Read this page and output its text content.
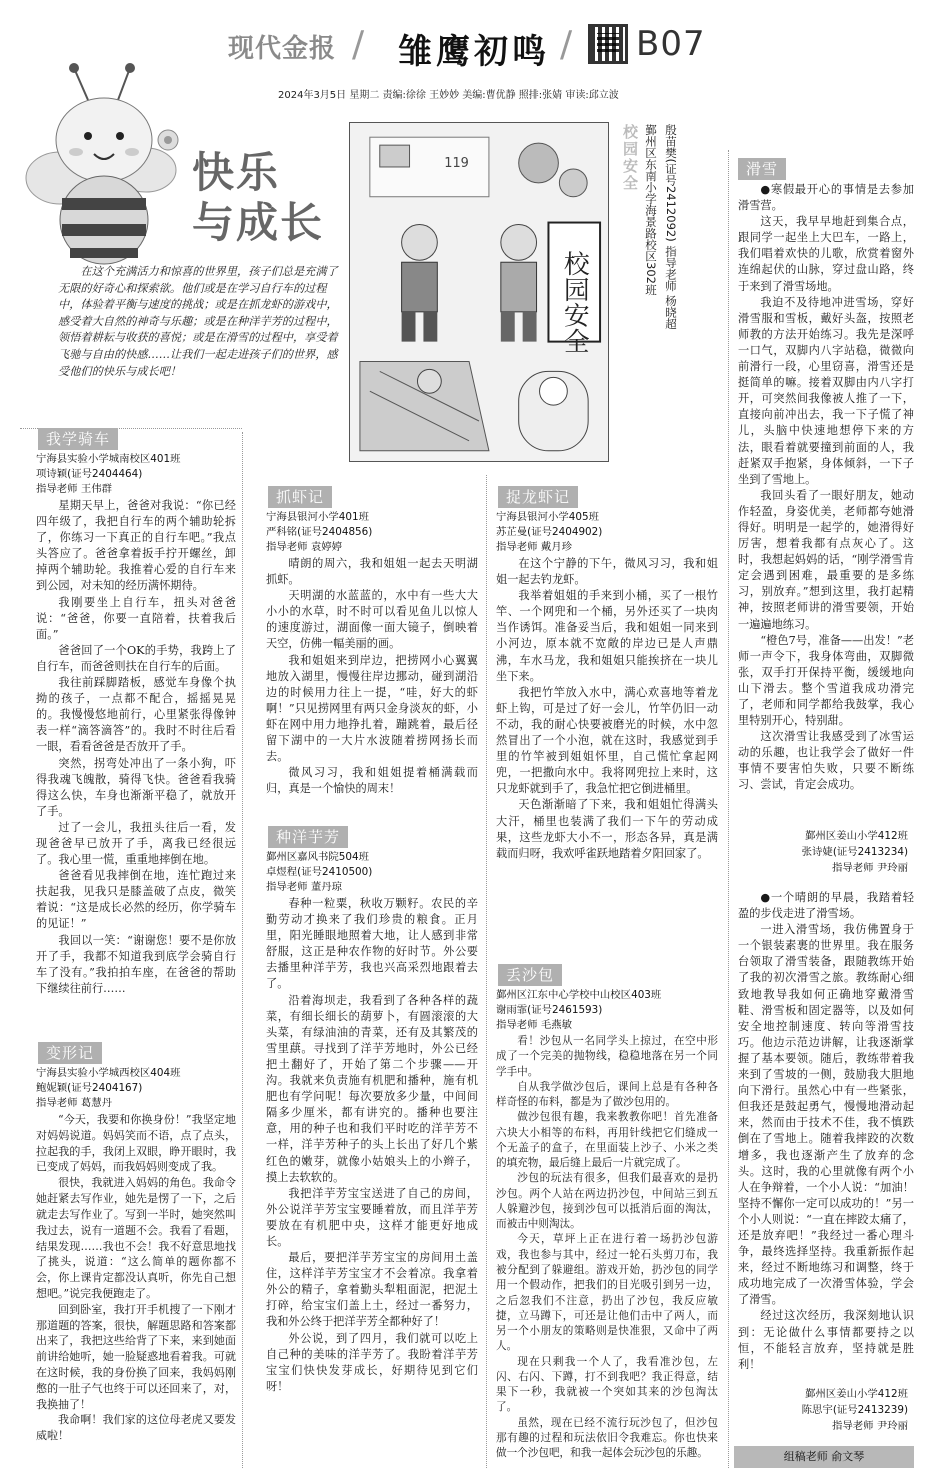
现代金报 / 雏鹰初鸣 / B07
2024年3月5日 星期二 责编:徐徐 王妙妙 美编:曹优静 照排:张婧 审读:邱立波
快乐
与成长
在这个充满活力和惊喜的世界里，孩子们总是充满了无限的好奇心和探索欲。他们或是在学习自行车的过程中，体验着平衡与速度的挑战；或是在抓龙虾的游戏中，感受着大自然的神奇与乐趣；或是在种洋芋芳的过程中，领悟着耕耘与收获的喜悦；或是在滑雪的过程中，享受着飞驰与自由的快感……让我们一起走进孩子们的世界，感受他们的快乐与成长吧！
119
校园安全
校园安全 鄞州区东南小学海景路校区302班 殷苗樊(证号2412092) 指导老师 杨晓超
我学骑车
宁海县实验小学城南校区401班
项诗颖(证号2404464)
指导老师 王伟群

星期天早上，爸爸对我说：“你已经四年级了，我把自行车的两个辅助轮拆了，你练习一下真正的自行车吧。”我点头答应了。爸爸拿着扳手拧开螺丝，卸掉两个辅助轮。我推着心爱的自行车来到公园，对未知的经历满怀期待。

我刚要坐上自行车，扭头对爸爸说：“爸爸，你要一直陪着，扶着我后面。”

爸爸回了一个OK的手势，我跨上了自行车，而爸爸则扶在自行车的后面。

我往前踩脚踏板，感觉车身像个执拗的孩子，一点都不配合，摇摇晃晃的。我慢慢悠地前行，心里紧张得像钟表一样“滴答滴答”的。我时不时往后看一眼，看看爸爸是否放开了手。

突然，拐弯处冲出了一条小狗，吓得我魂飞魄散，骑得飞快。爸爸看我骑得这么快，车身也渐渐平稳了，就放开了手。

过了一会儿，我扭头往后一看，发现爸爸早已放开了手，离我已经很远了。我心里一慌，重重地摔倒在地。

爸爸看见我摔倒在地，连忙跑过来扶起我，见我只是膝盖破了点皮，微笑着说：“这是成长必然的经历，你学骑车的见证！”

我回以一笑：“谢谢您！要不是你放开了手，我都不知道我到底学会骑自行车了没有。”我拍拍车座，在爸爸的帮助下继续往前行……

变形记
宁海县实验小学城西校区404班
鲍妮颖(证号2404167)
指导老师 葛慧丹

“今天，我要和你换身份！”我坚定地对妈妈说道。妈妈笑而不语，点了点头，拉起我的手，我闭上双眼，睁开眼时，我已变成了妈妈，而我妈妈则变成了我。

很快，我就进入妈妈的角色。我命令她赶紧去写作业，她先是愣了一下，之后就走去写作业了。写到一半时，她突然叫我过去，说有一道题不会。我看了看题，结果发现……我也不会！我不好意思地找了挑头，说道：“这么简单的题你都不会，你上课肯定都没认真听，你先自己想想吧。”说完我便跑走了。

回到卧室，我打开手机搜了一下刚才那道题的答案，很快，解题思路和答案都出来了，我把这些给背了下来，来到她面前讲给她听，她一脸疑惑地看着我。可就在这时候，我的身份换了回来，我妈妈刚憋的一肚子气也终于可以还回来了，对，我换抽了！

我命啊！我们家的这位母老虎又要发威啦！

抓虾记
宁海县银河小学401班
严科铭(证号2404856)
指导老师 袁婷婷

晴朗的周六，我和姐姐一起去天明湖抓虾。

天明湖的水蓝蓝的，水中有一些大大小小的水草，时不时可以看见鱼儿以惊人的速度游过，湖面像一面大镜子，倒映着天空，仿佛一幅美丽的画。

我和姐姐来到岸边，把捞网小心翼翼地放入湖里，慢慢往岸边挪动，碰到湖沿边的时候用力往上一提，“哇，好大的虾啊！”只见捞网里有两只金身淡灰的虾，小虾在网中用力地挣扎着，蹦跳着，最后径留下湖中的一大片水波随着捞网扬长而去。

微风习习，我和姐姐提着桶满载而归，真是一个愉快的周末！

种洋芋芳
鄞州区嘉风书院504班
卓煜程(证号2410500)
指导老师 董丹琼

春种一粒粟，秋收万颗籽。农民的辛勤劳动才换来了我们珍贵的粮食。正月里，阳光睡眼地照着大地，让人感到非常舒服，这正是种农作物的好时节。外公要去播里种洋芋芳，我也兴高采烈地跟着去了。

沿着海坝走，我看到了各种各样的蔬菜，有细长细长的葫萝卜，有圆滚滚的大头菜，有绿油油的青菜，还有及其繁茂的雪里蕻。寻找到了洋芋芳地时，外公已经把土翻好了，开始了第二个步骤——开沟。我就来负责施有机肥和播种，施有机肥也有学问呢！每次要放多少量，中间间隔多少厘米，都有讲究的。播种也要注意，用的种子也和我们平时吃的洋芋芳不一样，洋芋芳种子的头上长出了好几个紫红色的嫩芽，就像小姑娘头上的小辫子，摸上去软软的。

我把洋芋芳宝宝送进了自己的房间，外公说洋芋芳宝宝要睡着放，而且洋芋芳要放在有机肥中央，这样才能更好地成长。

最后，要把洋芋芳宝宝的房间用土盖住，这样洋芋芳宝宝才不会着凉。我拿着外公的精子，拿着勤头犁粗面泥，把泥土打碎，给宝宝们盖上土，经过一番努力，我和外公终于把洋芋芳全都种好了！

外公说，到了四月，我们就可以吃上自己种的美味的洋芋芳了。我盼着洋芋芳宝宝们快快发芽成长，好期待见到它们呀！

捉龙虾记
宁海县银河小学405班
苏芷曼(证号2404902)
指导老师 戴月珍

在这个宁静的下午，微风习习，我和姐姐一起去钓龙虾。

我举着姐姐的手来到小桶，买了一根竹竿、一个网兜和一个桶，另外还买了一块肉当作诱饵。准备妥当后，我和姐姐一同来到小河边，原本就不宽敞的岸边已是人声鼎沸，车水马龙，我和姐姐只能挨挤在一块儿坐下来。

我把竹竿放入水中，满心欢喜地等着龙虾上钩，可是过了好一会儿，竹竿仍旧一动不动，我的耐心快要被磨光的时候，水中忽然冒出了一个小泡，就在这时，我感觉到手里的竹竿被到姐姐怀里，自己慌忙拿起网兜，一把撒向水中。我将网兜拉上来时，这只龙虾就到手了，我急忙把它倒进桶里。

天色渐渐暗了下来，我和姐姐忙得满头大汗，桶里也装满了我们一下午的劳动成果，这些龙虾大小不一，形态各异，真是满载而归呀，我欢呼雀跃地踏着夕阳回家了。

丢沙包
鄞州区江东中心学校中山校区403班
谢雨霏(证号2461593)
指导老师 毛燕敏

看！沙包从一名同学头上掠过，在空中形成了一个完美的抛物线，稳稳地落在另一个同学手中。

自从我学做沙包后，课间上总是有各种各样奇怪的布料，都是为了做沙包用的。

做沙包很有趣，我来教教你吧！首先准备六块大小相等的布料，再用针线把它们缝成一个无盖子的盒子，在里面装上沙子、小米之类的填充物，最后缝上最后一片就完成了。

沙包的玩法有很多，但我们最喜欢的是扔沙包。两个人站在两边扔沙包，中间站三到五人躲避沙包，接到沙包可以抵消后面的淘汰，而被击中则淘汰。

今天，草坪上正在进行着一场扔沙包游戏，我也参与其中，经过一轮石头剪刀布，我被分配到了躲避组。游戏开始，扔沙包的同学用一个假动作，把我们的目光吸引到另一边，之后忽我们不注意，扔出了沙包，我反应敏捷，立马蹲下，可还是让他们击中了两人，而另一个小朋友的策略则是快准狠，又命中了两人。

现在只剩我一个人了，我看准沙包，左闪、右闪、下蹲，打不到我吧？我正得意，结果下一秒，我就被一个突如其来的沙包淘汰了。

虽然，现在已经不流行玩沙包了，但沙包那有趣的过程和玩法依旧令我难忘。你也快来做一个沙包吧，和我一起体会玩沙包的乐趣。

滑雪

●寒假最开心的事情是去参加滑雪营。

这天，我早早地赶到集合点，跟同学一起坐上大巴车，一路上，我们唱着欢快的儿歌，欣赏着窗外连绵起伏的山脉，穿过盘山路，终于来到了滑雪场地。

我迫不及待地冲进雪场，穿好滑雪服和雪板，戴好头盔，按照老师教的方法开始练习。我先是深呼一口气，双脚内八字站稳，微微向前滑行一段，心里窃喜，滑雪还是挺简单的嘛。接着双脚由内八字打开，可突然间我像被人推了一下，直接向前冲出去，我一下子慌了神儿，头脑中快速地想停下来的方法，眼看着就要撞到前面的人，我赶紧双手抱紧，身体倾斜，一下子坐到了雪地上。

我回头看了一眼好朋友，她动作轻盈，身姿优美，老师都夸她滑得好。明明是一起学的，她滑得好厉害，想着我都有点灰心了。这时，我想起妈妈的话，“刚学滑雪肯定会遇到困难，最重要的是多练习，别放弃。”想到这里，我打起精神，按照老师讲的滑雪要领，开始一遍遍地练习。

“橙色7号，准备——出发！”老师一声令下，我身体弯曲，双脚微张，双手打开保持平衡，缓缓地向山下滑去。整个雪道我成功滑完了，老师和同学都给我鼓掌，我心里特别开心，特别甜。

这次滑雪让我感受到了冰雪运动的乐趣，也让我学会了做好一件事情不要害怕失败，只要不断练习、尝试，肯定会成功。

鄞州区姜山小学412班
张诗婕(证号2413234)
指导老师 尹玲丽

●一个晴朗的早晨，我踏着轻盈的步伐走进了滑雪场。

一进入滑雪场，我仿佛置身于一个银装素裹的世界里。我在服务台领取了滑雪装备，跟随教练开始了我的初次滑雪之旅。教练耐心细致地教导我如何正确地穿戴滑雪鞋、滑雪板和固定器等，以及如何安全地控制速度、转向等滑雪技巧。他边示范边讲解，让我逐渐掌握了基本要领。随后，教练带着我来到了雪坡的一侧，鼓励我大胆地向下滑行。虽然心中有一些紧张，但我还是鼓起勇气，慢慢地滑动起来，然而由于技术不佳，我不慎跌倒在了雪地上。随着我摔跤的次数增多，我也逐渐产生了放弃的念头。这时，我的心里就像有两个小人在争辩着，一个小人说：“加油！坚持不懈你一定可以成功的！”另一个小人则说：“一直在摔跤太痛了，还是放弃吧！”我经过一番心理斗争，最终选择坚持。我重新振作起来，经过不断地练习和调整，终于成功地完成了一次滑雪体验，学会了滑雪。

经过这次经历，我深刻地认识到：无论做什么事情都要持之以恒，不能轻言放弃，坚持就是胜利！

鄞州区姜山小学412班
陈思宇(证号2413239)
指导老师 尹玲丽
组稿老师 俞文琴
